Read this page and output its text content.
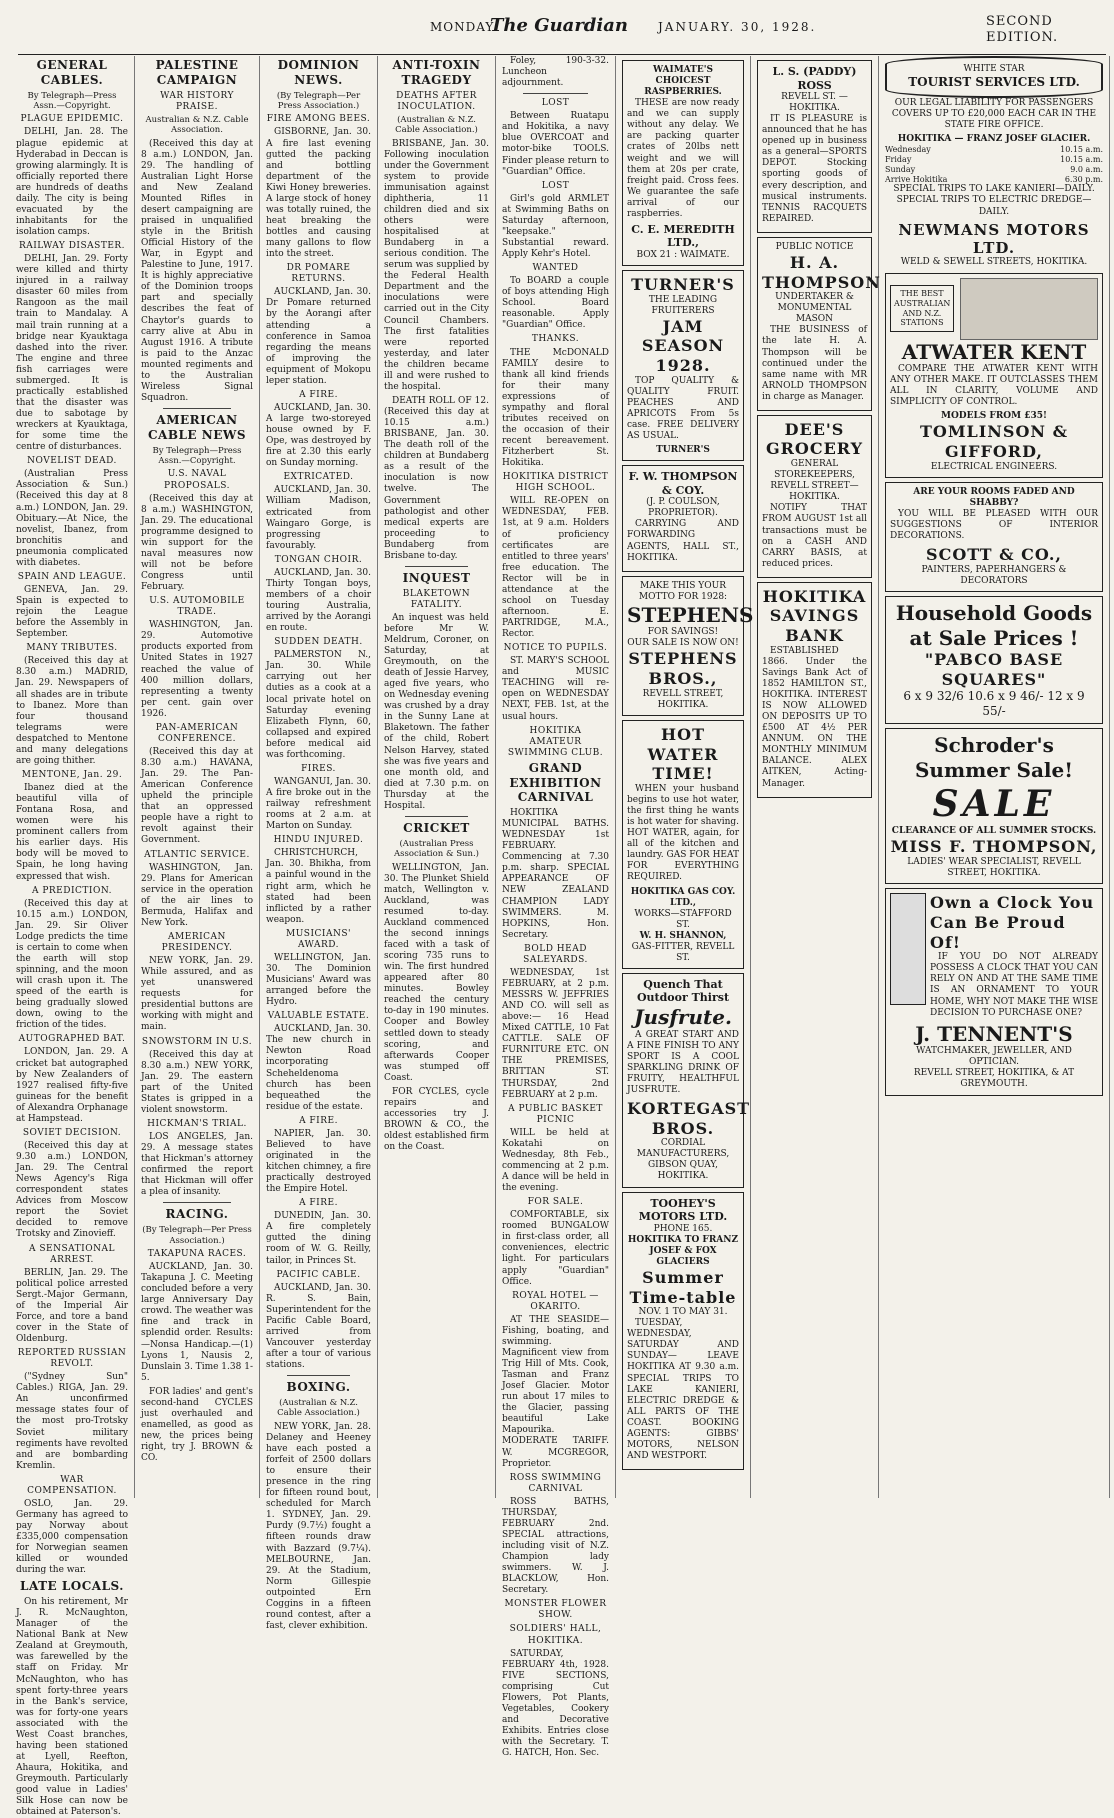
MONDAY.
The Guardian	JANUARY. 30, 1928.	SECOND EDITION.
GENERAL CABLES.

By Telegraph—Press Assn.—Copyright.

PLAGUE EPIDEMIC.

DELHI, Jan. 28. The plague epidemic at Hyderabad in Deccan is growing alarmingly. It is officially reported there are hundreds of deaths daily. The city is being evacuated by the inhabitants for the isolation camps.

RAILWAY DISASTER.

DELHI, Jan. 29. Forty were killed and thirty injured in a railway disaster 60 miles from Rangoon as the mail train to Mandalay. A mail train running at a bridge near Kyauktaga dashed into the river. The engine and three fish carriages were submerged. It is practically established that the disaster was due to sabotage by wreckers at Kyauktaga, for some time the centre of disturbances.

NOVELIST DEAD.

(Australian Press Association & Sun.) (Received this day at 8 a.m.) LONDON, Jan. 29. Obituary.—At Nice, the novelist, Ibanez, from bronchitis and pneumonia complicated with diabetes.

SPAIN AND LEAGUE.

GENEVA, Jan. 29. Spain is expected to rejoin the League before the Assembly in September.

MANY TRIBUTES.

(Received this day at 8.30 a.m.) MADRID, Jan. 29. Newspapers of all shades are in tribute to Ibanez. More than four thousand telegrams were despatched to Mentone and many delegations are going thither.

MENTONE, Jan. 29.

Ibanez died at the beautiful villa of Fontana Rosa, and women were his prominent callers from his earlier days. His body will be moved to Spain, he long having expressed that wish.

A PREDICTION.

(Received this day at 10.15 a.m.) LONDON, Jan. 29. Sir Oliver Lodge predicts the time is certain to come when the earth will stop spinning, and the moon will crash upon it. The speed of the earth is being gradually slowed down, owing to the friction of the tides.

AUTOGRAPHED BAT.

LONDON, Jan. 29. A cricket bat autographed by New Zealanders of 1927 realised fifty-five guineas for the benefit of Alexandra Orphanage at Hampstead.

SOVIET DECISION.

(Received this day at 9.30 a.m.) LONDON, Jan. 29. The Central News Agency's Riga correspondent states Advices from Moscow report the Soviet decided to remove Trotsky and Zinovieff.

A SENSATIONAL ARREST.

BERLIN, Jan. 29. The political police arrested Sergt.-Major Germann, of the Imperial Air Force, and tore a band cover in the State of Oldenburg.

REPORTED RUSSIAN REVOLT.

("Sydney Sun" Cables.) RIGA, Jan. 29. An unconfirmed message states four of the most pro-Trotsky Soviet military regiments have revolted and are bombarding Kremlin.

WAR COMPENSATION.

OSLO, Jan. 29. Germany has agreed to pay Norway about £335,000 compensation for Norwegian seamen killed or wounded during the war.

LATE LOCALS.

On his retirement, Mr J. R. McNaughton, Manager of the National Bank at New Zealand at Greymouth, was farewelled by the staff on Friday. Mr McNaughton, who has spent forty-three years in the Bank's service, was for forty-one years associated with the West Coast branches, having been stationed at Lyell, Reefton, Ahaura, Hokitika, and Greymouth. Particularly good value in Ladies' Silk Hose can now be obtained at Paterson's.

PALESTINE CAMPAIGN
WAR HISTORY PRAISE.

Australian & N.Z. Cable Association.

(Received this day at 8 a.m.) LONDON, Jan. 29. The handling of Australian Light Horse and New Zealand Mounted Rifles in desert campaigning are praised in unqualified style in the British Official History of the War, in Egypt and Palestine to June, 1917. It is highly appreciative of the Dominion troops part and specially describes the feat of Chaytor's guards to carry alive at Abu in August 1916. A tribute is paid to the Anzac mounted regiments and to the Australian Wireless Signal Squadron.

AMERICAN CABLE NEWS

By Telegraph—Press Assn.—Copyright.

U.S. NAVAL PROPOSALS.

(Received this day at 8 a.m.) WASHINGTON, Jan. 29. The educational programme designed to win support for the naval measures now will not be before Congress until February.

U.S. AUTOMOBILE TRADE.

WASHINGTON, Jan. 29. Automotive products exported from United States in 1927 reached the value of 400 million dollars, representing a twenty per cent. gain over 1926.

PAN-AMERICAN CONFERENCE.

(Received this day at 8.30 a.m.) HAVANA, Jan. 29. The Pan-American Conference upheld the principle that an oppressed people have a right to revolt against their Government.

ATLANTIC SERVICE.

WASHINGTON, Jan. 29. Plans for American service in the operation of the air lines to Bermuda, Halifax and New York.

AMERICAN PRESIDENCY.

NEW YORK, Jan. 29. While assured, and as yet unanswered requests for presidential buttons are working with might and main.

SNOWSTORM IN U.S.

(Received this day at 8.30 a.m.) NEW YORK, Jan. 29. The eastern part of the United States is gripped in a violent snowstorm.

HICKMAN'S TRIAL.

LOS ANGELES, Jan. 29. A message states that Hickman's attorney confirmed the report that Hickman will offer a plea of insanity.

RACING.

(By Telegraph—Per Press Association.)

TAKAPUNA RACES.

AUCKLAND, Jan. 30. Takapuna J. C. Meeting concluded before a very large Anniversary Day crowd. The weather was fine and track in splendid order. Results:—Nonsa Handicap.—(1) Lyons 1, Nausis 2, Dunslain 3. Time 1.38 1-5.

FOR ladies' and gent's second-hand CYCLES just overhauled and enamelled, as good as new, the prices being right, try J. BROWN & CO.

DOMINION NEWS.

(By Telegraph—Per Press Association.)

FIRE AMONG BEES.

GISBORNE, Jan. 30. A fire last evening gutted the packing and bottling department of the Kiwi Honey breweries. A large stock of honey was totally ruined, the heat breaking the bottles and causing many gallons to flow into the street.

DR POMARE RETURNS.

AUCKLAND, Jan. 30. Dr Pomare returned by the Aorangi after attending a conference in Samoa regarding the means of improving the equipment of Mokopu leper station.

A FIRE.

AUCKLAND, Jan. 30. A large two-storeyed house owned by F. Ope, was destroyed by fire at 2.30 this early on Sunday morning.

EXTRICATED.

AUCKLAND, Jan. 30. William Madison, extricated from Waingaro Gorge, is progressing favourably.

TONGAN CHOIR.

AUCKLAND, Jan. 30. Thirty Tongan boys, members of a choir touring Australia, arrived by the Aorangi en route.

SUDDEN DEATH.

PALMERSTON N., Jan. 30. While carrying out her duties as a cook at a local private hotel on Saturday evening Elizabeth Flynn, 60, collapsed and expired before medical aid was forthcoming.

FIRES.

WANGANUI, Jan. 30. A fire broke out in the railway refreshment rooms at 2 a.m. at Marton on Sunday.

HINDU INJURED.

CHRISTCHURCH, Jan. 30. Bhikha, from a painful wound in the right arm, which he stated had been inflicted by a rather weapon.

MUSICIANS' AWARD.

WELLINGTON, Jan. 30. The Dominion Musicians' Award was arranged before the Hydro.

VALUABLE ESTATE.

AUCKLAND, Jan. 30. The new church in Newton Road incorporating Scheheldenoma church has been bequeathed the residue of the estate.

A FIRE.

NAPIER, Jan. 30. Believed to have originated in the kitchen chimney, a fire practically destroyed the Empire Hotel.

A FIRE.

DUNEDIN, Jan. 30. A fire completely gutted the dining room of W. G. Reilly, tailor, in Princes St.

PACIFIC CABLE.

AUCKLAND, Jan. 30. R. S. Bain, Superintendent for the Pacific Cable Board, arrived from Vancouver yesterday after a tour of various stations.

BOXING.

(Australian & N.Z. Cable Association.)

NEW YORK, Jan. 28. Delaney and Heeney have each posted a forfeit of 2500 dollars to ensure their presence in the ring for fifteen round bout, scheduled for March 1. SYDNEY, Jan. 29. Purdy (9.7½) fought a fifteen rounds draw with Bazzard (9.7¼). MELBOURNE, Jan. 29. At the Stadium, Norm Gillespie outpointed Ern Coggins in a fifteen round contest, after a fast, clever exhibition.

ANTI-TOXIN TRAGEDY
DEATHS AFTER INOCULATION.

(Australian & N.Z. Cable Association.)

BRISBANE, Jan. 30. Following inoculation under the Government system to provide immunisation against diphtheria, 11 children died and six others were hospitalised at Bundaberg in a serious condition. The serum was supplied by the Federal Health Department and the inoculations were carried out in the City Council Chambers. The first fatalities were reported yesterday, and later the children became ill and were rushed to the hospital.

DEATH ROLL OF 12. (Received this day at 10.15 a.m.) BRISBANE, Jan. 30. The death roll of the children at Bundaberg as a result of the inoculation is now twelve. The Government pathologist and other medical experts are proceeding to Bundaberg from Brisbane to-day.

INQUEST
BLAKETOWN FATALITY.

An inquest was held before Mr W. Meldrum, Coroner, on Saturday, at Greymouth, on the death of Jessie Harvey, aged five years, who on Wednesday evening was crushed by a dray in the Sunny Lane at Blaketown. The father of the child, Robert Nelson Harvey, stated she was five years and one month old, and died at 7.30 p.m. on Thursday at the Hospital.

CRICKET

(Australian Press Association & Sun.)

WELLINGTON, Jan. 30. The Plunket Shield match, Wellington v. Auckland, was resumed to-day. Auckland commenced the second innings faced with a task of scoring 735 runs to win. The first hundred appeared after 80 minutes. Bowley reached the century to-day in 190 minutes. Cooper and Bowley settled down to steady scoring, and afterwards Cooper was stumped off Coast.

FOR CYCLES, cycle repairs and accessories try J. BROWN & CO., the oldest established firm on the Coast.

Foley, 190-3-32. Luncheon adjournment.

LOST

Between Ruatapu and Hokitika, a navy blue OVERCOAT and motor-bike TOOLS. Finder please return to "Guardian" Office.

LOST

Girl's gold ARMLET at Swimming Baths on Saturday afternoon, "keepsake." Substantial reward. Apply Kehr's Hotel.

WANTED

To BOARD a couple of boys attending High School. Board reasonable. Apply "Guardian" Office.

THANKS.

THE McDONALD FAMILY desire to thank all kind friends for their many expressions of sympathy and floral tributes received on the occasion of their recent bereavement. Fitzherbert St. Hokitika.

HOKITIKA DISTRICT HIGH SCHOOL.

WILL RE-OPEN on WEDNESDAY, FEB. 1st, at 9 a.m. Holders of proficiency certificates are entitled to three years' free education. The Rector will be in attendance at the school on Tuesday afternoon. E. PARTRIDGE, M.A., Rector.

NOTICE TO PUPILS.

ST. MARY'S SCHOOL and MUSIC TEACHING will re-open on WEDNESDAY NEXT, FEB. 1st, at the usual hours.

HOKITIKA AMATEUR SWIMMING CLUB.
GRAND EXHIBITION CARNIVAL

HOKITIKA MUNICIPAL BATHS. WEDNESDAY 1st FEBRUARY. Commencing at 7.30 p.m. sharp. SPECIAL APPEARANCE OF NEW ZEALAND CHAMPION LADY SWIMMERS. M. HOPKINS, Hon. Secretary.

BOLD HEAD SALEYARDS.

WEDNESDAY, 1st FEBRUARY, at 2 p.m. MESSRS W. JEFFRIES AND CO. will sell as above:— 16 Head Mixed CATTLE, 10 Fat CATTLE. SALE OF FURNITURE ETC. ON THE PREMISES, BRITTAN ST. THURSDAY, 2nd FEBRUARY at 2 p.m.

A PUBLIC BASKET PICNIC

WILL be held at Kokatahi on Wednesday, 8th Feb., commencing at 2 p.m. A dance will be held in the evening.

FOR SALE.

COMFORTABLE, six roomed BUNGALOW in first-class order, all conveniences, electric light. For particulars apply "Guardian" Office.

ROYAL HOTEL — OKARITO.

AT THE SEASIDE—Fishing, boating, and swimming. Magnificent view from Trig Hill of Mts. Cook, Tasman and Franz Josef Glacier. Motor run about 17 miles to the Glacier, passing beautiful Lake Mapourika. MODERATE TARIFF. W. MCGREGOR, Proprietor.

ROSS SWIMMING CARNIVAL

ROSS BATHS, THURSDAY, FEBRUARY 2nd. SPECIAL attractions, including visit of N.Z. Champion lady swimmers. W. J. BLACKLOW, Hon. Secretary.

MONSTER FLOWER SHOW.
SOLDIERS' HALL, HOKITIKA.

SATURDAY, FEBRUARY 4th, 1928. FIVE SECTIONS, comprising Cut Flowers, Pot Plants, Vegetables, Cookery and Decorative Exhibits. Entries close with the Secretary. T. G. HATCH, Hon. Sec.

WAIMATE'S CHOICEST RASPBERRIES.

THESE are now ready and we can supply without any delay. We are packing quarter crates of 20lbs nett weight and we will them at 20s per crate, freight paid. Cross fees. We guarantee the safe arrival of our raspberries.

C. E. MEREDITH LTD.,
BOX 21 : WAIMATE.
TURNER'S
THE LEADING FRUITERERS
JAM SEASON 1928.

TOP QUALITY & QUALITY FRUIT. PEACHES AND APRICOTS From 5s case. FREE DELIVERY AS USUAL.

TURNER'S
F. W. THOMPSON & COY.
(J. P. COULSON, PROPRIETOR).

CARRYING AND FORWARDING AGENTS, HALL ST., HOKITIKA.

MAKE THIS YOUR MOTTO FOR 1928:
STEPHENS
FOR SAVINGS!
OUR SALE IS NOW ON!
STEPHENS BROS.,
REVELL STREET, HOKITIKA.
HOT WATER TIME!

WHEN your husband begins to use hot water, the first thing he wants is hot water for shaving. HOT WATER, again, for all of the kitchen and laundry. GAS FOR HEAT FOR EVERYTHING REQUIRED.

HOKITIKA GAS COY. LTD.,
WORKS—STAFFORD ST.
W. H. SHANNON,
GAS-FITTER, REVELL ST.
Quench That Outdoor Thirst
Jusfrute.

A GREAT START AND A FINE FINISH TO ANY SPORT IS A COOL SPARKLING DRINK OF FRUITY, HEALTHFUL JUSFRUTE.

KORTEGAST BROS.
CORDIAL MANUFACTURERS, GIBSON QUAY, HOKITIKA.
TOOHEY'S MOTORS LTD.
PHONE 165.
HOKITIKA TO FRANZ JOSEF & FOX GLACIERS
Summer Time-table
NOV. 1 TO MAY 31.

TUESDAY, WEDNESDAY, SATURDAY AND SUNDAY— LEAVE HOKITIKA AT 9.30 a.m. SPECIAL TRIPS TO LAKE KANIERI, ELECTRIC DREDGE & ALL PARTS OF THE COAST. BOOKING AGENTS: GIBBS' MOTORS, NELSON AND WESTPORT.

L. S. (PADDY) ROSS
REVELL ST. — HOKITIKA.

IT IS PLEASURE is announced that he has opened up in business as a general—SPORTS DEPOT. Stocking sporting goods of every description, and musical instruments. TENNIS RACQUETS REPAIRED.

PUBLIC NOTICE
H. A. THOMPSON
UNDERTAKER & MONUMENTAL MASON

THE BUSINESS of the late H. A. Thompson will be continued under the same name with MR ARNOLD THOMPSON in charge as Manager.

DEE'S GROCERY
GENERAL STOREKEEPERS, REVELL STREET—HOKITIKA.

NOTIFY THAT FROM AUGUST 1st all transactions must be on a CASH AND CARRY BASIS, at reduced prices.

HOKITIKA SAVINGS BANK

ESTABLISHED 1866. Under the Savings Bank Act of 1852 HAMILTON ST., HOKITIKA. INTEREST IS NOW ALLOWED ON DEPOSITS UP TO £500 AT 4½ PER ANNUM. ON THE MONTHLY MINIMUM BALANCE. ALEX AITKEN, Acting-Manager.

WHITE STAR
TOURIST SERVICES LTD.

OUR LEGAL LIABILITY FOR PASSENGERS COVERS UP TO £20,000 EACH CAR IN THE STATE FIRE OFFICE.

HOKITIKA — FRANZ JOSEF GLACIER.
Wednesday	10.15 a.m.
Friday	10.15 a.m.
Sunday	9.0 a.m.
Arrive Hokitika	6.30 p.m.

SPECIAL TRIPS TO LAKE KANIERI—DAILY. SPECIAL TRIPS TO ELECTRIC DREDGE—DAILY.

NEWMANS MOTORS LTD.
WELD & SEWELL STREETS, HOKITIKA.
THE BEST AUSTRALIAN AND N.Z. STATIONS
ATWATER KENT

COMPARE THE ATWATER KENT WITH ANY OTHER MAKE. IT OUTCLASSES THEM ALL IN CLARITY, VOLUME AND SIMPLICITY OF CONTROL.

MODELS FROM £35!
TOMLINSON & GIFFORD,
ELECTRICAL ENGINEERS.
ARE YOUR ROOMS FADED AND SHABBY?

YOU WILL BE PLEASED WITH OUR SUGGESTIONS OF INTERIOR DECORATIONS.

SCOTT & CO.,
PAINTERS, PAPERHANGERS & DECORATORS
Household Goods
at Sale Prices !
"PABCO BASE SQUARES"
6 x 9 32/6 10.6 x 9 46/- 12 x 9 55/-
Schroder's Summer Sale!
SALE
CLEARANCE OF ALL SUMMER STOCKS.
MISS F. THOMPSON,
LADIES' WEAR SPECIALIST, REVELL STREET, HOKITIKA.
Own a Clock You Can Be Proud Of!

IF YOU DO NOT ALREADY POSSESS A CLOCK THAT YOU CAN RELY ON AND AT THE SAME TIME IS AN ORNAMENT TO YOUR HOME, WHY NOT MAKE THE WISE DECISION TO PURCHASE ONE?

J. TENNENT'S
WATCHMAKER, JEWELLER, AND OPTICIAN.
REVELL STREET, HOKITIKA, & AT GREYMOUTH.
